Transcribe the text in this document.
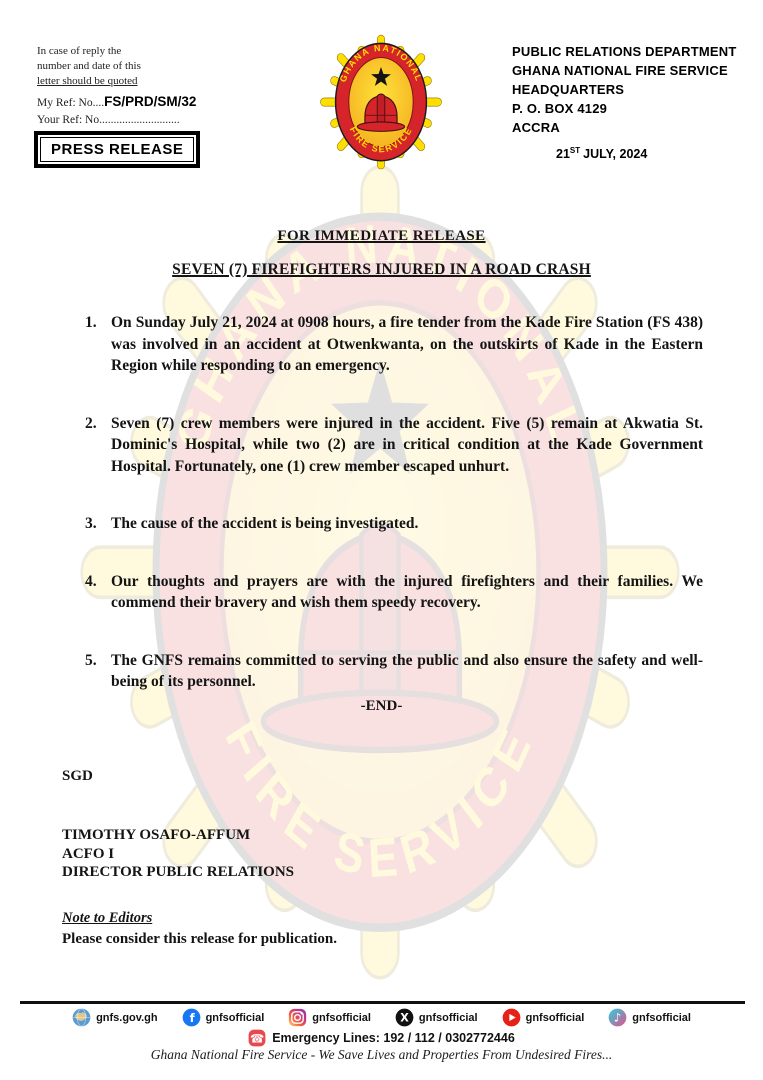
In case of reply the
number and date of this
letter should be quoted
My Ref: No....FS/PRD/SM/32
Your Ref: No............................
PRESS RELEASE
PUBLIC RELATIONS DEPARTMENT
GHANA NATIONAL FIRE SERVICE
HEADQUARTERS
P. O. BOX 4129
ACCRA
21ST JULY, 2024
FOR IMMEDIATE RELEASE
SEVEN (7) FIREFIGHTERS INJURED IN A ROAD CRASH
1. On Sunday July 21, 2024 at 0908 hours, a fire tender from the Kade Fire Station (FS 438) was involved in an accident at Otwenkwanta, on the outskirts of Kade in the Eastern Region while responding to an emergency.
2. Seven (7) crew members were injured in the accident. Five (5) remain at Akwatia St. Dominic's Hospital, while two (2) are in critical condition at the Kade Government Hospital. Fortunately, one (1) crew member escaped unhurt.
3. The cause of the accident is being investigated.
4. Our thoughts and prayers are with the injured firefighters and their families. We commend their bravery and wish them speedy recovery.
5. The GNFS remains committed to serving the public and also ensure the safety and well-being of its personnel.
-END-
SGD
TIMOTHY OSAFO-AFFUM
ACFO I
DIRECTOR PUBLIC RELATIONS
Note to Editors
Please consider this release for publication.
gnfs.gov.gh	f gnfsofficial	gnfsofficial	X gnfsofficial	gnfsofficial	♪ gnfsofficial
☎ Emergency Lines: 192 / 112 / 0302772446
Ghana National Fire Service - We Save Lives and Properties From Undesired Fires...
